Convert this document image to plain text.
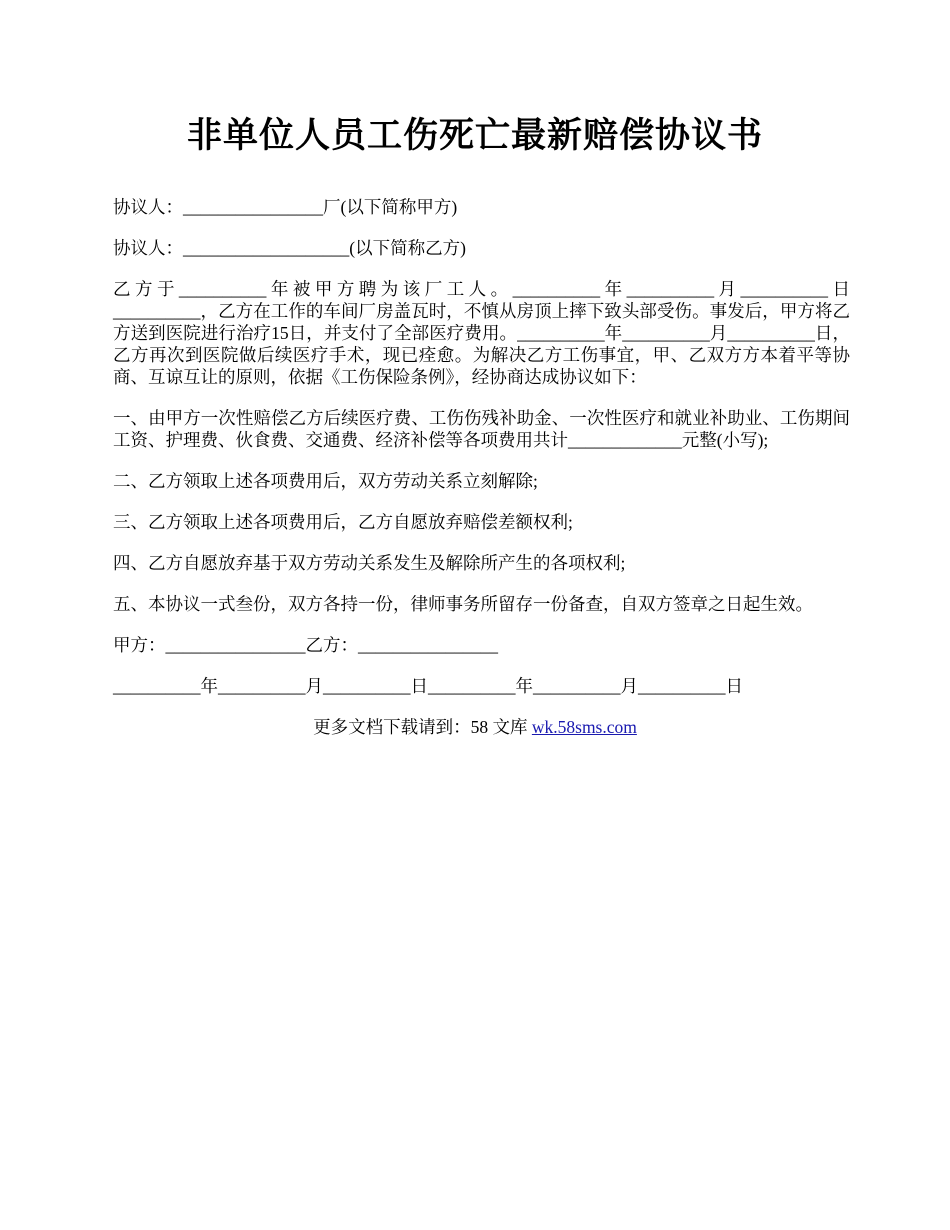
非单位人员工伤死亡最新赔偿协议书

协议人：________________厂(以下简称甲方)

协议人：___________________(以下简称乙方)

乙方于__________年被甲方聘为该厂工人。__________年__________月__________日__________，乙方在工作的车间厂房盖瓦时，不慎从房顶上摔下致头部受伤。事发后，甲方将乙方送到医院进行治疗15日，并支付了全部医疗费用。__________年__________月__________日，乙方再次到医院做后续医疗手术，现已痊愈。为解决乙方工伤事宜，甲、乙双方方本着平等协商、互谅互让的原则，依据《工伤保险条例》，经协商达成协议如下：

一、由甲方一次性赔偿乙方后续医疗费、工伤伤残补助金、一次性医疗和就业补助业、工伤期间工资、护理费、伙食费、交通费、经济补偿等各项费用共计_____________元整(小写);

二、乙方领取上述各项费用后，双方劳动关系立刻解除;

三、乙方领取上述各项费用后，乙方自愿放弃赔偿差额权利;

四、乙方自愿放弃基于双方劳动关系发生及解除所产生的各项权利;

五、本协议一式叁份，双方各持一份，律师事务所留存一份备查，自双方签章之日起生效。

甲方：________________乙方：________________

__________年__________月__________日__________年__________月__________日

更多文档下载请到：58 文库 wk.58sms.com
